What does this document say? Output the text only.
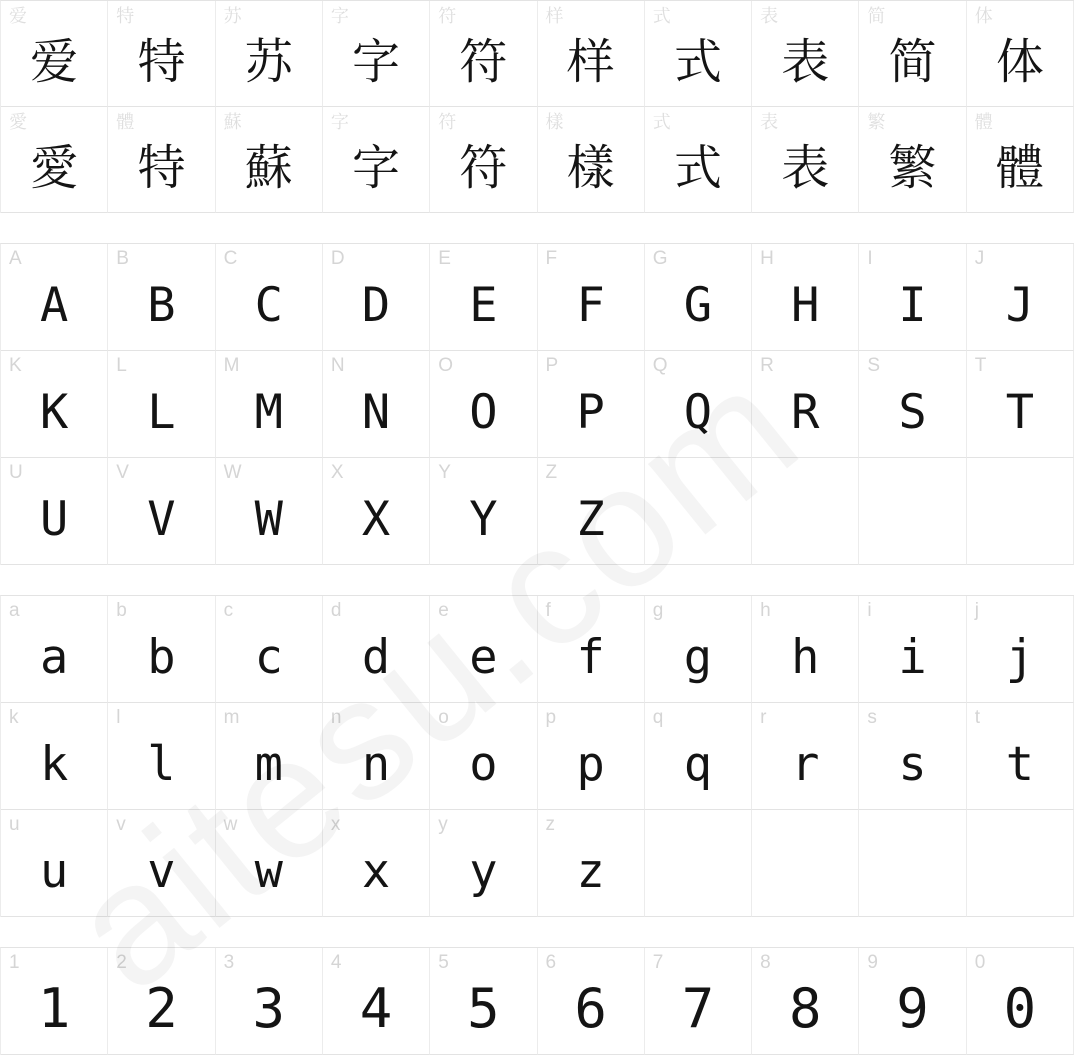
爱
爱
特
特
苏
苏
字
字
符
符
样
样
式
式
表
表
简
简
体
体
愛
愛
體
特
蘇
蘇
字
字
符
符
樣
樣
式
式
表
表
繁
繁
體
體
A
A
B
B
C
C
D
D
E
E
F
F
G
G
H
H
I
I
J
J
K
K
L
L
M
M
N
N
O
O
P
P
Q
Q
R
R
S
S
T
T
U
U
V
V
W
W
X
X
Y
Y
Z
Z
a
a
b
b
c
c
d
d
e
e
f
f
g
g
h
h
i
i
j
j
k
k
l
l
m
m
n
n
o
o
p
p
q
q
r
r
s
s
t
t
u
u
v
v
w
w
x
x
y
y
z
z
1
1
2
2
3
3
4
4
5
5
6
6
7
7
8
8
9
9
0
0
